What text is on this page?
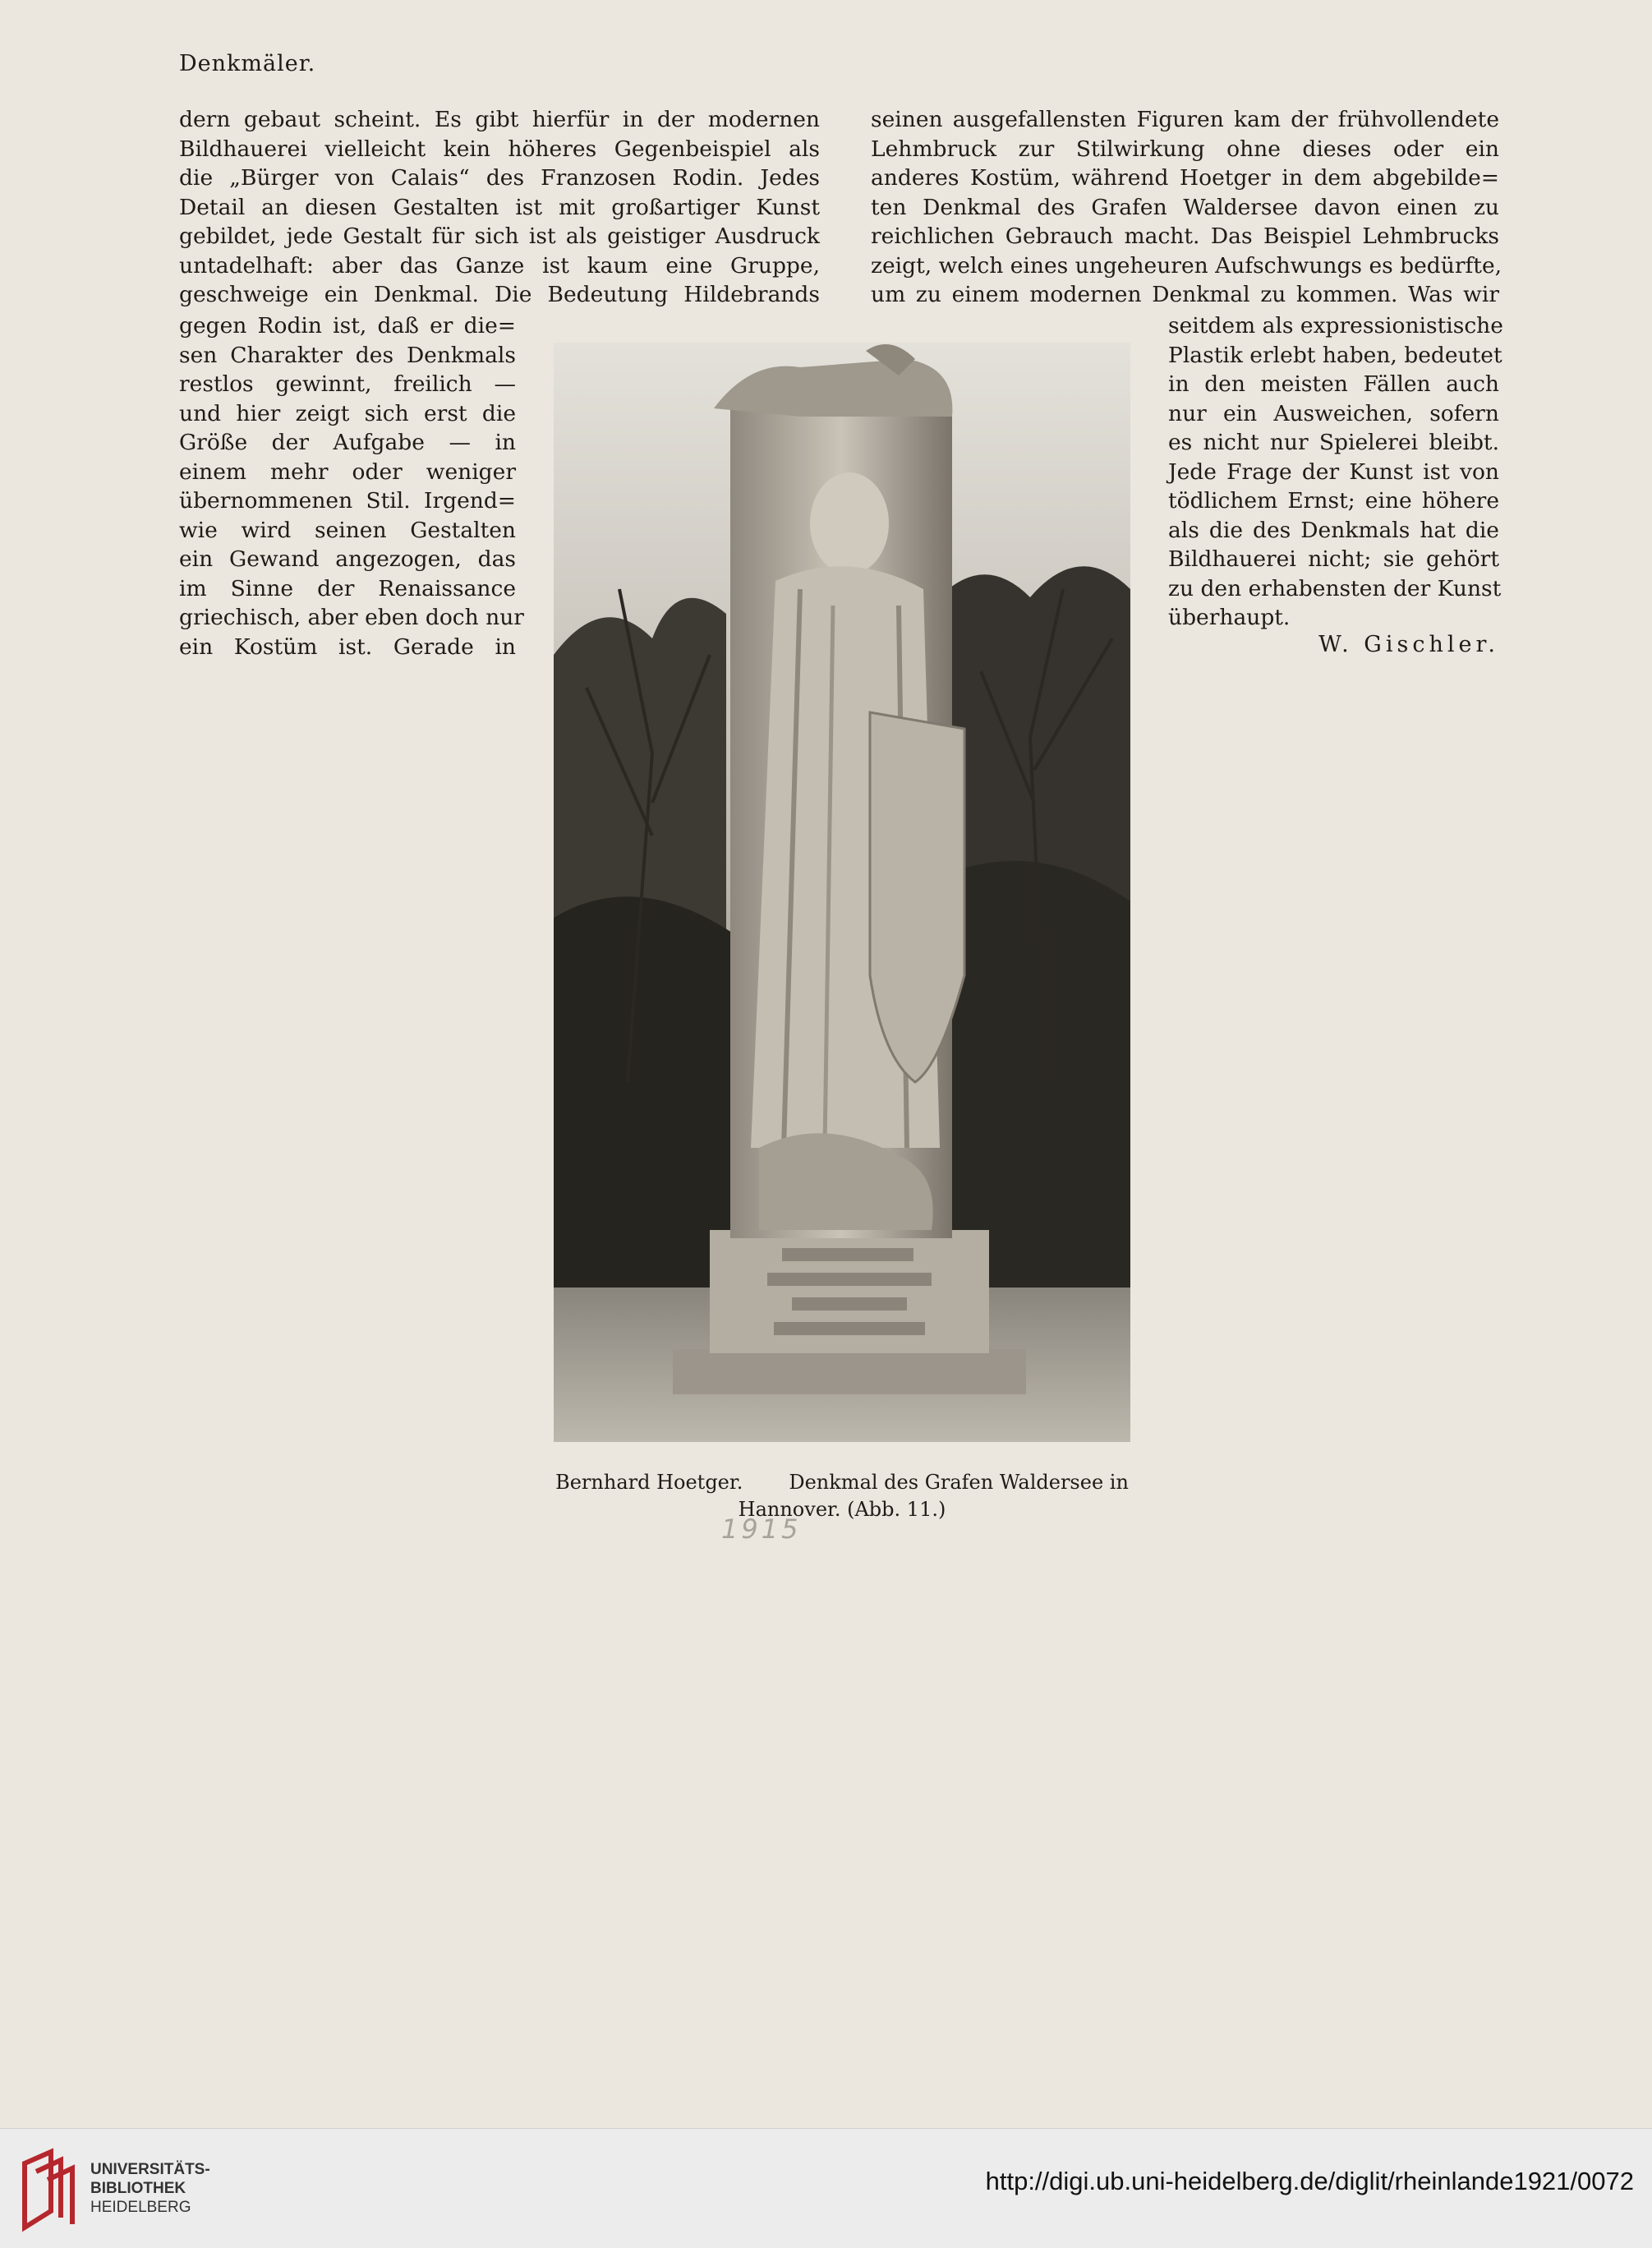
Denkmäler.
dern gebaut scheint. Es gibt hierfür in der modernen
Bildhauerei vielleicht kein höheres Gegenbeispiel als
die „Bürger von Calais“ des Franzosen Rodin. Jedes
Detail an diesen Gestalten ist mit großartiger Kunst
gebildet, jede Gestalt für sich ist als geistiger Ausdruck
untadelhaft: aber das Ganze ist kaum eine Gruppe,
geschweige ein Denkmal. Die Bedeutung Hildebrands
gegen Rodin ist, daß er die=
sen Charakter des Denkmals
restlos gewinnt, freilich —
und hier zeigt sich erst die
Größe der Aufgabe — in
einem mehr oder weniger
übernommenen Stil. Irgend=
wie wird seinen Gestalten
ein Gewand angezogen, das
im Sinne der Renaissance
griechisch, aber eben doch nur
ein Kostüm ist. Gerade in
seinen ausgefallensten Figuren kam der frühvollendete
Lehmbruck zur Stilwirkung ohne dieses oder ein
anderes Kostüm, während Hoetger in dem abgebilde=
ten Denkmal des Grafen Waldersee davon einen zu
reichlichen Gebrauch macht. Das Beispiel Lehmbrucks
zeigt, welch eines ungeheuren Aufschwungs es bedürfte,
um zu einem modernen Denkmal zu kommen. Was wir
seitdem als expressionistische
Plastik erlebt haben, bedeutet
in den meisten Fällen auch
nur ein Ausweichen, sofern
es nicht nur Spielerei bleibt.
Jede Frage der Kunst ist von
tödlichem Ernst; eine höhere
als die des Denkmals hat die
Bildhauerei nicht; sie gehört
zu den erhabensten der Kunst
überhaupt.
W. Gischler.
Bernhard Hoetger. Denkmal des Grafen Waldersee in
Hannover. (Abb. 11.)
1915
UNIVERSITÄTS-
BIBLIOTHEK
HEIDELBERG
http://digi.ub.uni-heidelberg.de/diglit/rheinlande1921/0072
